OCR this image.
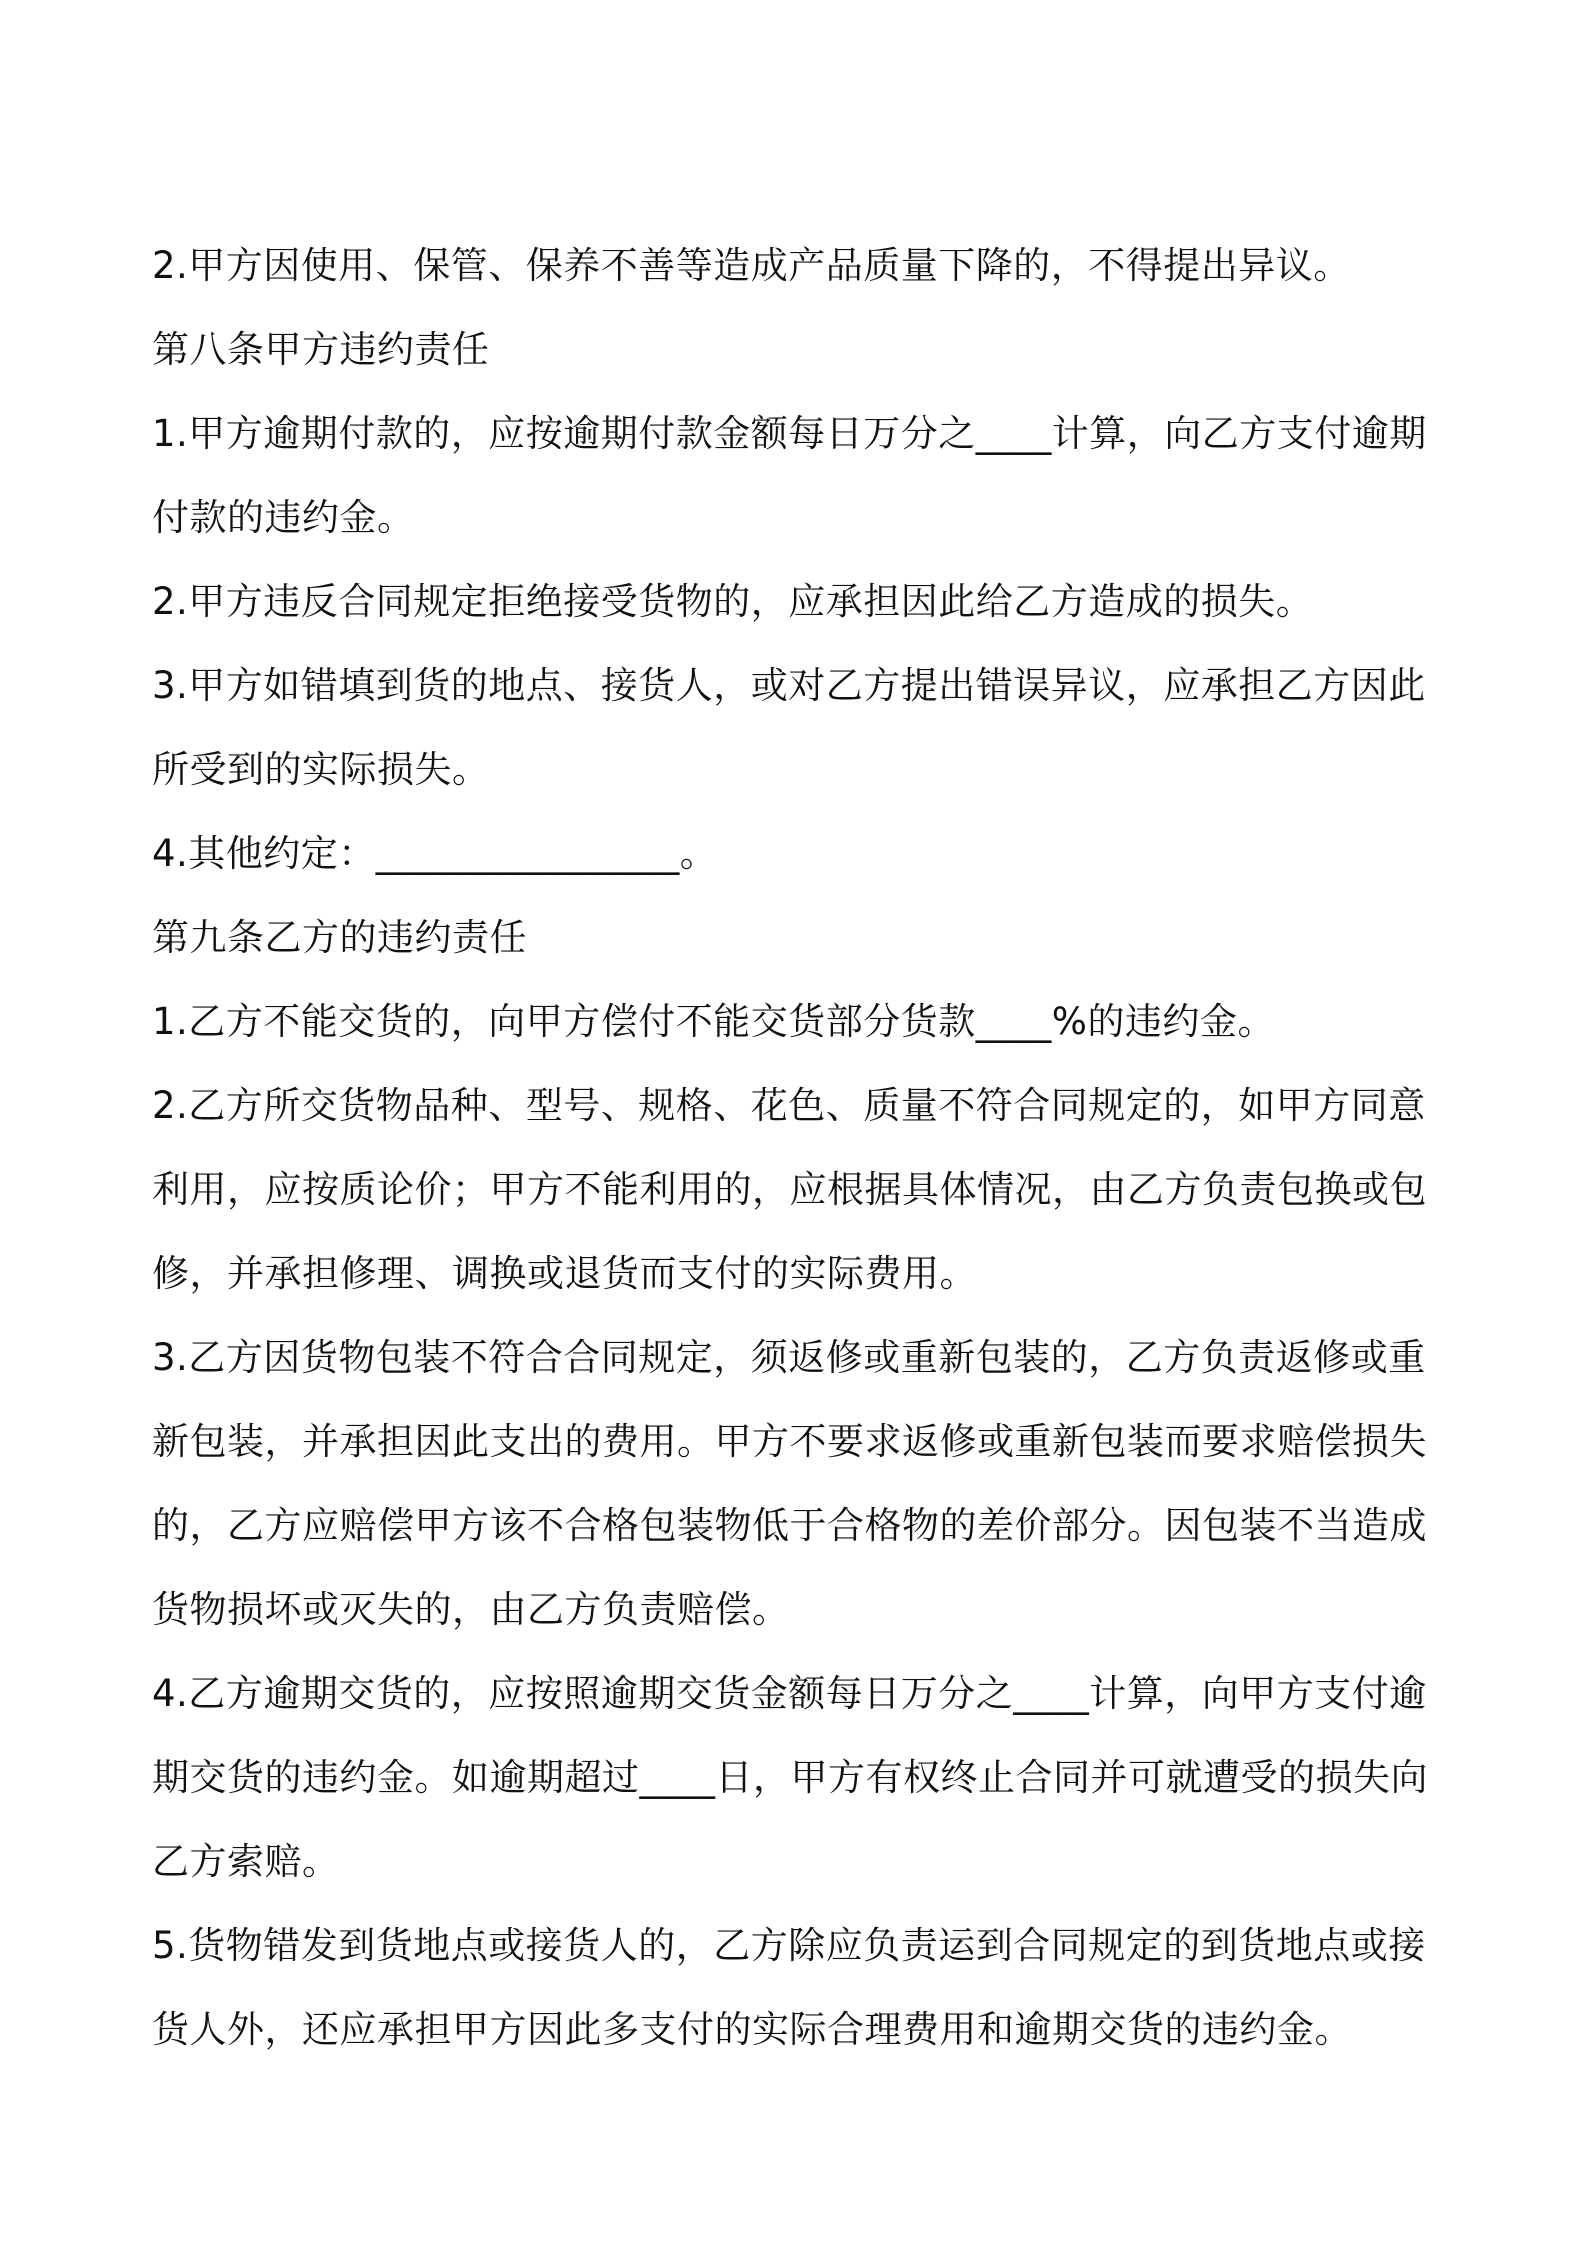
2.甲方因使用、保管、保养不善等造成产品质量下降的，不得提出异议。

第八条甲方违约责任

1.甲方逾期付款的，应按逾期付款金额每日万分之____计算，向乙方支付逾期付款的违约金。

2.甲方违反合同规定拒绝接受货物的，应承担因此给乙方造成的损失。

3.甲方如错填到货的地点、接货人，或对乙方提出错误异议，应承担乙方因此所受到的实际损失。

4.其他约定：________________。

第九条乙方的违约责任

1.乙方不能交货的，向甲方偿付不能交货部分货款____%的违约金。

2.乙方所交货物品种、型号、规格、花色、质量不符合同规定的，如甲方同意利用，应按质论价；甲方不能利用的，应根据具体情况，由乙方负责包换或包修，并承担修理、调换或退货而支付的实际费用。

3.乙方因货物包装不符合合同规定，须返修或重新包装的，乙方负责返修或重新包装，并承担因此支出的费用。甲方不要求返修或重新包装而要求赔偿损失的，乙方应赔偿甲方该不合格包装物低于合格物的差价部分。因包装不当造成货物损坏或灭失的，由乙方负责赔偿。

4.乙方逾期交货的，应按照逾期交货金额每日万分之____计算，向甲方支付逾期交货的违约金。如逾期超过____日，甲方有权终止合同并可就遭受的损失向乙方索赔。

5.货物错发到货地点或接货人的，乙方除应负责运到合同规定的到货地点或接货人外，还应承担甲方因此多支付的实际合理费用和逾期交货的违约金。
